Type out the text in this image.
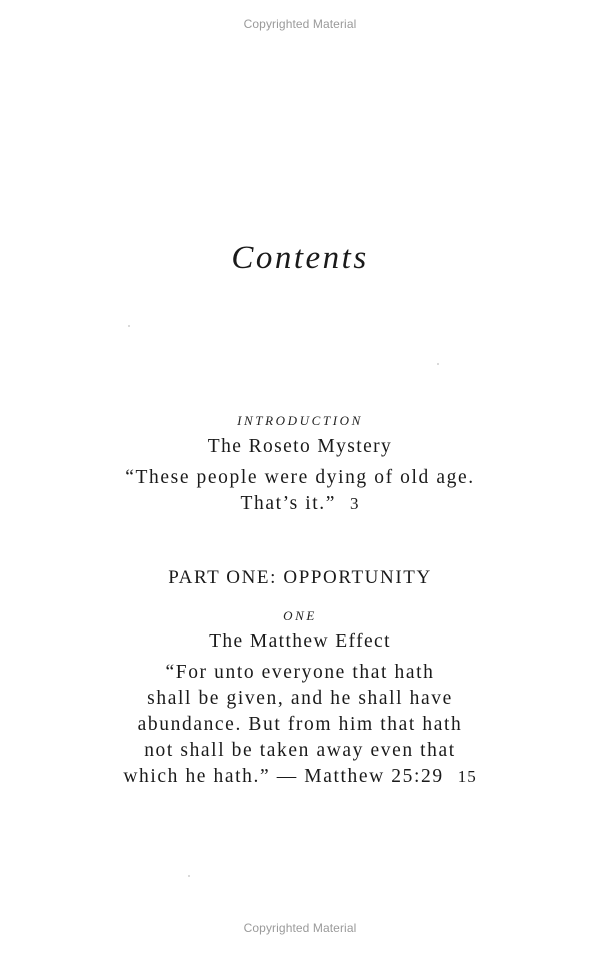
Copyrighted Material
Contents
INTRODUCTION
The Roseto Mystery
“These people were dying of old age.
That’s it.” 3
PART ONE: OPPORTUNITY
ONE
The Matthew Effect
“For unto everyone that hath
shall be given, and he shall have
abundance. But from him that hath
not shall be taken away even that
which he hath.” — Matthew 25:29 15
Copyrighted Material
